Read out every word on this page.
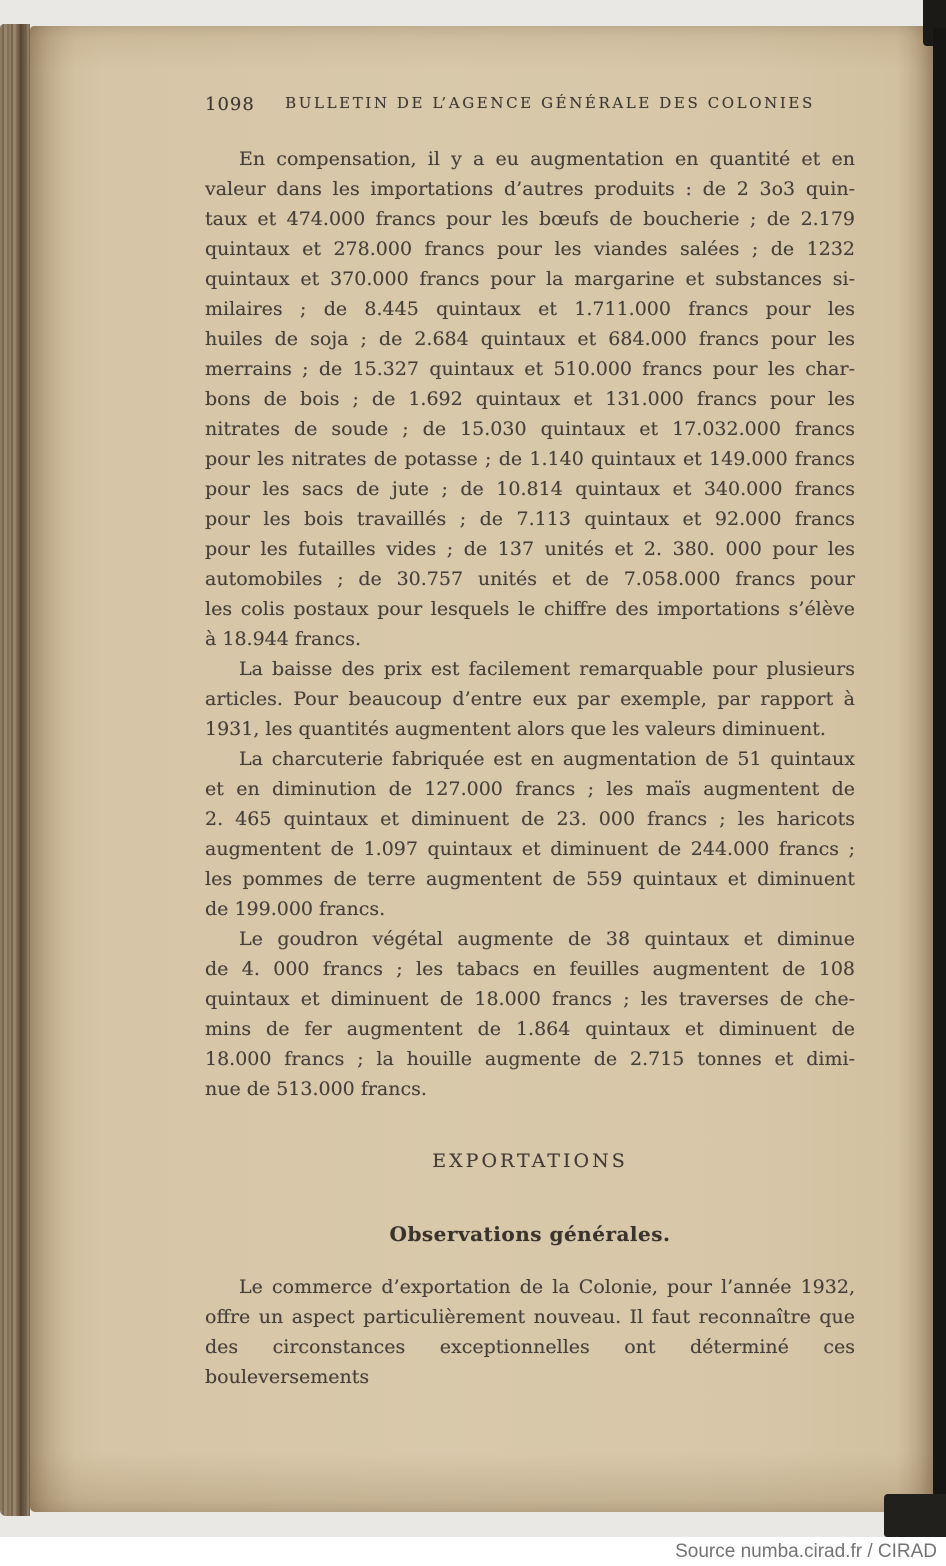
1098	BULLETIN DE L’AGENCE GÉNÉRALE DES COLONIES
En compensation, il y a eu augmentation en quantité et en
valeur dans les importations d’autres produits : de 2 3o3 quin-
taux et 474.000 francs pour les bœufs de boucherie ; de 2.179
quintaux et 278.000 francs pour les viandes salées ; de 1232
quintaux et 370.000 francs pour la margarine et substances si-
milaires ; de 8.445 quintaux et 1.711.000 francs pour les
huiles de soja ; de 2.684 quintaux et 684.000 francs pour les
merrains ; de 15.327 quintaux et 510.000 francs pour les char-
bons de bois ; de 1.692 quintaux et 131.000 francs pour les
nitrates de soude ; de 15.030 quintaux et 17.032.000 francs
pour les nitrates de potasse ; de 1.140 quintaux et 149.000 francs
pour les sacs de jute ; de 10.814 quintaux et 340.000 francs
pour les bois travaillés ; de 7.113 quintaux et 92.000 francs
pour les futailles vides ; de 137 unités et 2. 380. 000 pour les
automobiles ; de 30.757 unités et de 7.058.000 francs pour
les colis postaux pour lesquels le chiffre des importations s’élève
à 18.944 francs.
La baisse des prix est facilement remarquable pour plusieurs
articles. Pour beaucoup d’entre eux par exemple, par rapport à
1931, les quantités augmentent alors que les valeurs diminuent.
La charcuterie fabriquée est en augmentation de 51 quintaux
et en diminution de 127.000 francs ; les maïs augmentent de
2. 465 quintaux et diminuent de 23. 000 francs ; les haricots
augmentent de 1.097 quintaux et diminuent de 244.000 francs ;
les pommes de terre augmentent de 559 quintaux et diminuent
de 199.000 francs.
Le goudron végétal augmente de 38 quintaux et diminue
de 4. 000 francs ; les tabacs en feuilles augmentent de 108
quintaux et diminuent de 18.000 francs ; les traverses de che-
mins de fer augmentent de 1.864 quintaux et diminuent de
18.000 francs ; la houille augmente de 2.715 tonnes et dimi-
nue de 513.000 francs.
EXPORTATIONS
Observations générales.
Le commerce d’exportation de la Colonie, pour l’année 1932,
offre un aspect particulièrement nouveau. Il faut reconnaître que
des circonstances exceptionnelles ont déterminé ces bouleversements
Source numba.cirad.fr / CIRAD
